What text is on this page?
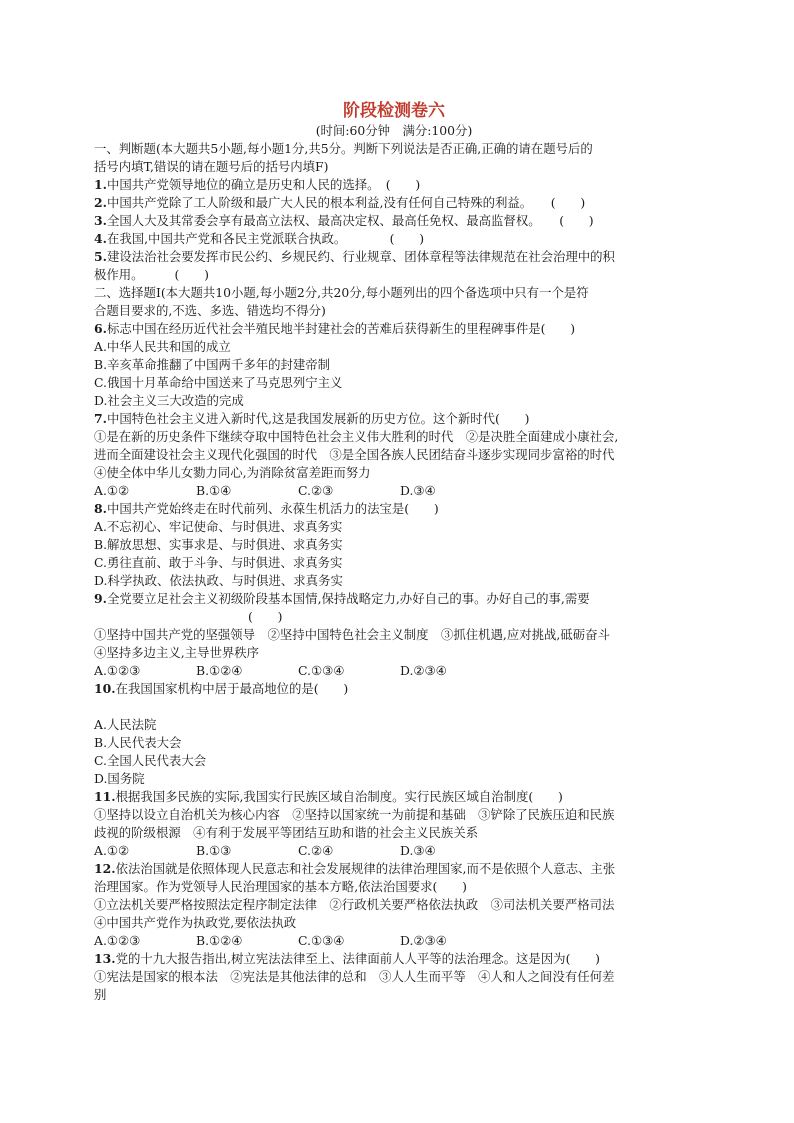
阶段检测卷六
(时间:60分钟　满分:100分)
一、判断题(本大题共5小题,每小题1分,共5分。判断下列说法是否正确,正确的请在题号后的
括号内填T,错误的请在题号后的括号内填F)
1.中国共产党领导地位的确立是历史和人民的选择。　(　　)
2.中国共产党除了工人阶级和最广大人民的根本利益,没有任何自己特殊的利益。　　(　　)
3.全国人大及其常委会享有最高立法权、最高决定权、最高任免权、最高监督权。　　(　　)
4.在我国,中国共产党和各民主党派联合执政。　　　　(　　)
5.建设法治社会要发挥市民公约、乡规民约、行业规章、团体章程等法律规范在社会治理中的积
极作用。　　　(　　)
二、选择题Ⅰ(本大题共10小题,每小题2分,共20分,每小题列出的四个备选项中只有一个是符
合题目要求的,不选、多选、错选均不得分)
6.标志中国在经历近代社会半殖民地半封建社会的苦难后获得新生的里程碑事件是(　　)
A.中华人民共和国的成立
B.辛亥革命推翻了中国两千多年的封建帝制
C.俄国十月革命给中国送来了马克思列宁主义
D.社会主义三大改造的完成
7.中国特色社会主义进入新时代,这是我国发展新的历史方位。这个新时代(　　)
①是在新的历史条件下继续夺取中国特色社会主义伟大胜利的时代　②是决胜全面建成小康社会,
进而全面建设社会主义现代化强国的时代　③是全国各族人民团结奋斗逐步实现同步富裕的时代
④使全体中华儿女勠力同心,为消除贫富差距而努力
A.①②	B.①④	C.②③	D.③④
8.中国共产党始终走在时代前列、永葆生机活力的法宝是(　　)
A.不忘初心、牢记使命、与时俱进、求真务实
B.解放思想、实事求是、与时俱进、求真务实
C.勇往直前、敢于斗争、与时俱进、求真务实
D.科学执政、依法执政、与时俱进、求真务实
9.全党要立足社会主义初级阶段基本国情,保持战略定力,办好自己的事。办好自己的事,需要
(　　)
①坚持中国共产党的坚强领导　②坚持中国特色社会主义制度　③抓住机遇,应对挑战,砥砺奋斗
④坚持多边主义,主导世界秩序
A.①②③	B.①②④	C.①③④	D.②③④
10.在我国国家机构中居于最高地位的是(　　)
A.人民法院
B.人民代表大会
C.全国人民代表大会
D.国务院
11.根据我国多民族的实际,我国实行民族区域自治制度。实行民族区域自治制度(　　)
①坚持以设立自治机关为核心内容　②坚持以国家统一为前提和基础　③铲除了民族压迫和民族
歧视的阶级根源　④有利于发展平等团结互助和谐的社会主义民族关系
A.①②	B.①③	C.②④	D.③④
12.依法治国就是依照体现人民意志和社会发展规律的法律治理国家,而不是依照个人意志、主张
治理国家。作为党领导人民治理国家的基本方略,依法治国要求(　　)
①立法机关要严格按照法定程序制定法律　②行政机关要严格依法执政　③司法机关要严格司法
④中国共产党作为执政党,要依法执政
A.①②③	B.①②④	C.①③④	D.②③④
13.党的十九大报告指出,树立宪法法律至上、法律面前人人平等的法治理念。这是因为(　　)
①宪法是国家的根本法　②宪法是其他法律的总和　③人人生而平等　④人和人之间没有任何差
别
